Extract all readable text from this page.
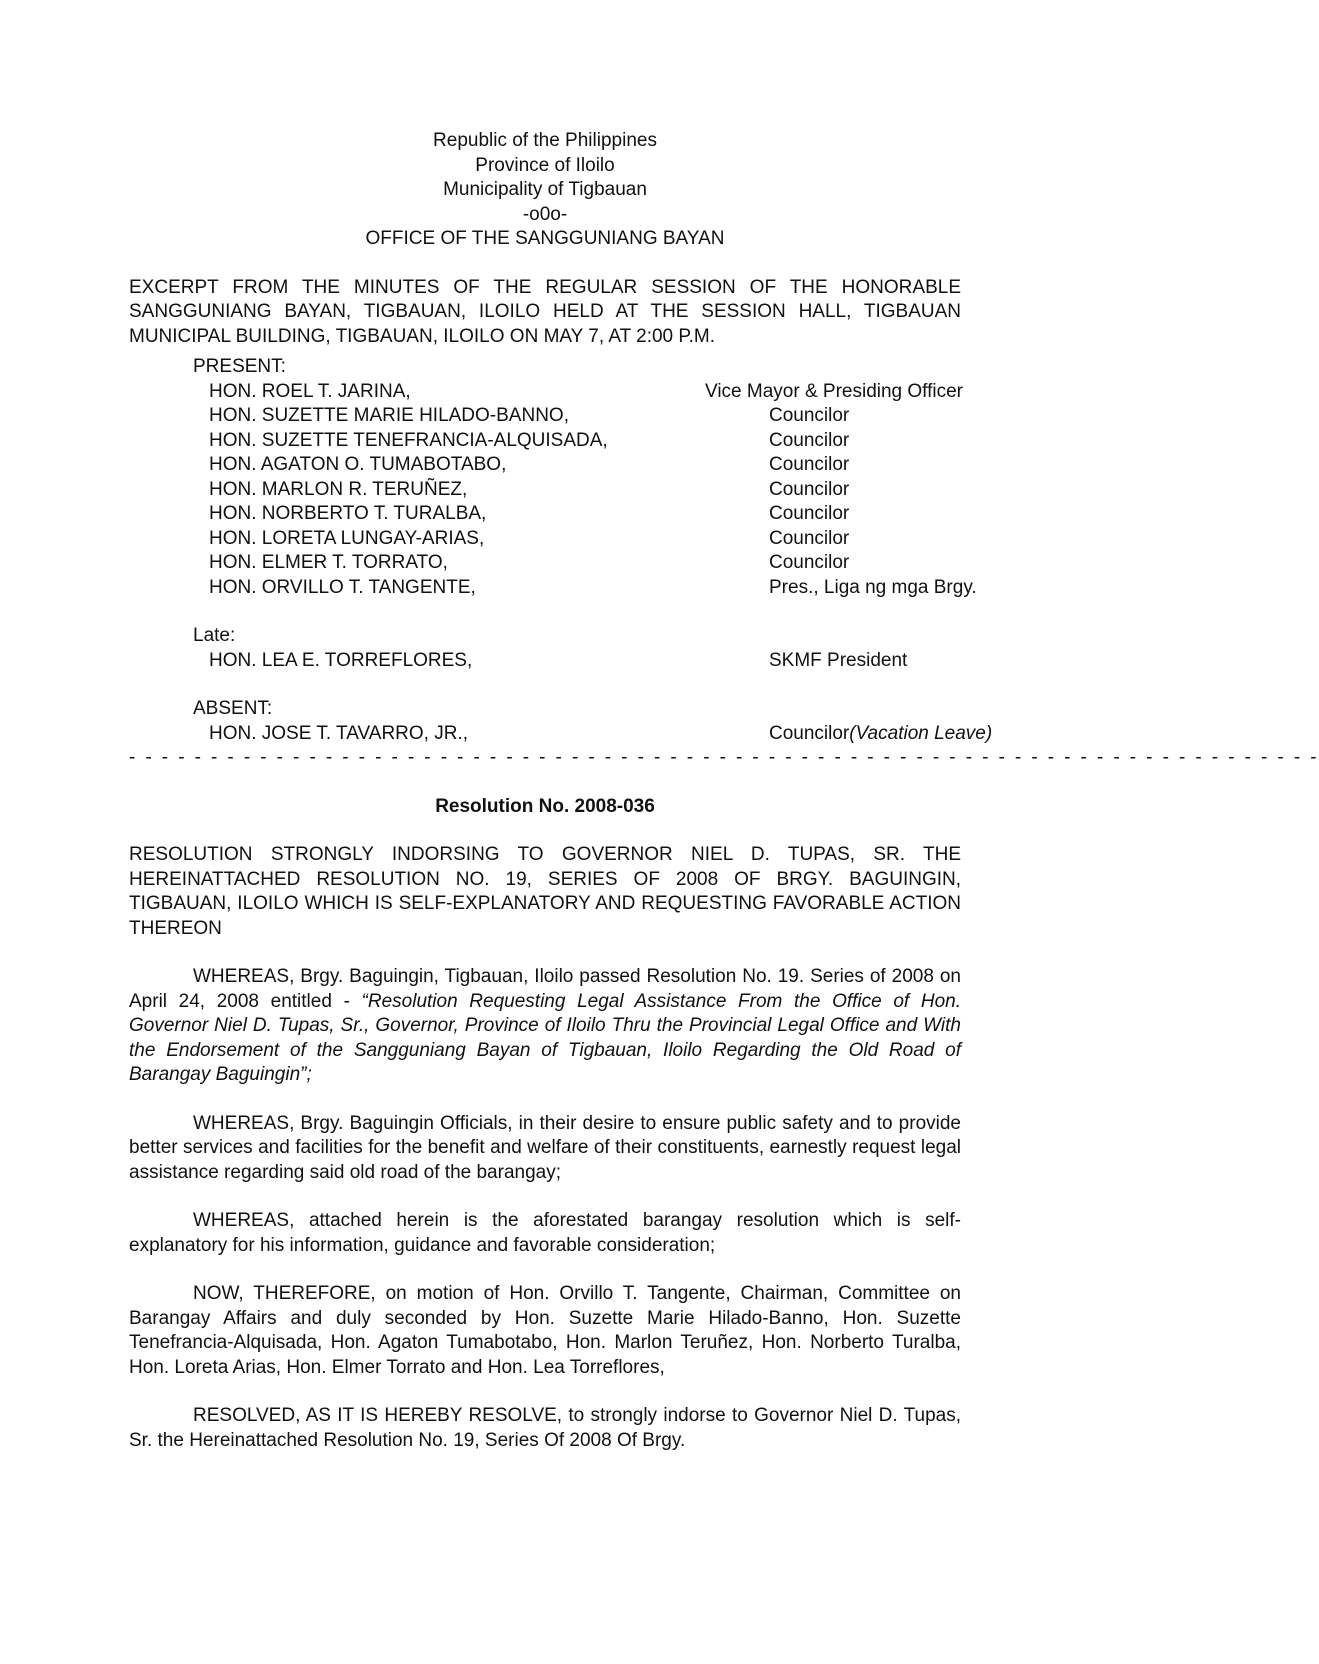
Republic of the Philippines
Province of Iloilo
Municipality of Tigbauan
-o0o-
OFFICE OF THE SANGGUNIANG BAYAN
EXCERPT FROM THE MINUTES OF THE REGULAR SESSION OF THE HONORABLE SANGGUNIANG BAYAN, TIGBAUAN, ILOILO HELD AT THE SESSION HALL, TIGBAUAN MUNICIPAL BUILDING, TIGBAUAN, ILOILO ON MAY 7, AT 2:00 P.M.
PRESENT:
HON. ROEL T. JARINA,	Vice Mayor & Presiding Officer
HON. SUZETTE MARIE HILADO-BANNO,	Councilor
HON. SUZETTE TENEFRANCIA-ALQUISADA,	Councilor
HON. AGATON O. TUMABOTABO,	Councilor
HON. MARLON R. TERUÑEZ,	Councilor
HON. NORBERTO T. TURALBA,	Councilor
HON. LORETA LUNGAY-ARIAS,	Councilor
HON. ELMER T. TORRATO,	Councilor
HON. ORVILLO T. TANGENTE,	Pres., Liga ng mga Brgy.
Late:
HON. LEA E. TORREFLORES,	SKMF President
ABSENT:
HON. JOSE T. TAVARRO, JR.,	Councilor(Vacation Leave)
- - - - - - - - - - - - - - - - - - - - - - - - - - - - - - - - - - - - - - - - - - - - - - - - - - - - - - - - - - - - - - - - - - - - - - - - -
Resolution No. 2008-036
RESOLUTION STRONGLY INDORSING TO GOVERNOR NIEL D. TUPAS, SR. THE HEREINATTACHED RESOLUTION NO. 19, SERIES OF 2008 OF BRGY. BAGUINGIN, TIGBAUAN, ILOILO WHICH IS SELF-EXPLANATORY AND REQUESTING FAVORABLE ACTION THEREON
WHEREAS, Brgy. Baguingin, Tigbauan, Iloilo passed Resolution No. 19. Series of 2008 on April 24, 2008 entitled - “Resolution Requesting Legal Assistance From the Office of Hon. Governor Niel D. Tupas, Sr., Governor, Province of Iloilo Thru the Provincial Legal Office and With the Endorsement of the Sangguniang Bayan of Tigbauan, Iloilo Regarding the Old Road of Barangay Baguingin”;
WHEREAS, Brgy. Baguingin Officials, in their desire to ensure public safety and to provide better services and facilities for the benefit and welfare of their constituents, earnestly request legal assistance regarding said old road of the barangay;
WHEREAS, attached herein is the aforestated barangay resolution which is self-explanatory for his information, guidance and favorable consideration;
NOW, THEREFORE, on motion of Hon. Orvillo T. Tangente, Chairman, Committee on Barangay Affairs and duly seconded by Hon. Suzette Marie Hilado-Banno, Hon. Suzette Tenefrancia-Alquisada, Hon. Agaton Tumabotabo, Hon. Marlon Teruñez, Hon. Norberto Turalba, Hon. Loreta Arias, Hon. Elmer Torrato and Hon. Lea Torreflores,
RESOLVED, AS IT IS HEREBY RESOLVE, to strongly indorse to Governor Niel D. Tupas, Sr. the Hereinattached Resolution No. 19, Series Of 2008 Of Brgy.
